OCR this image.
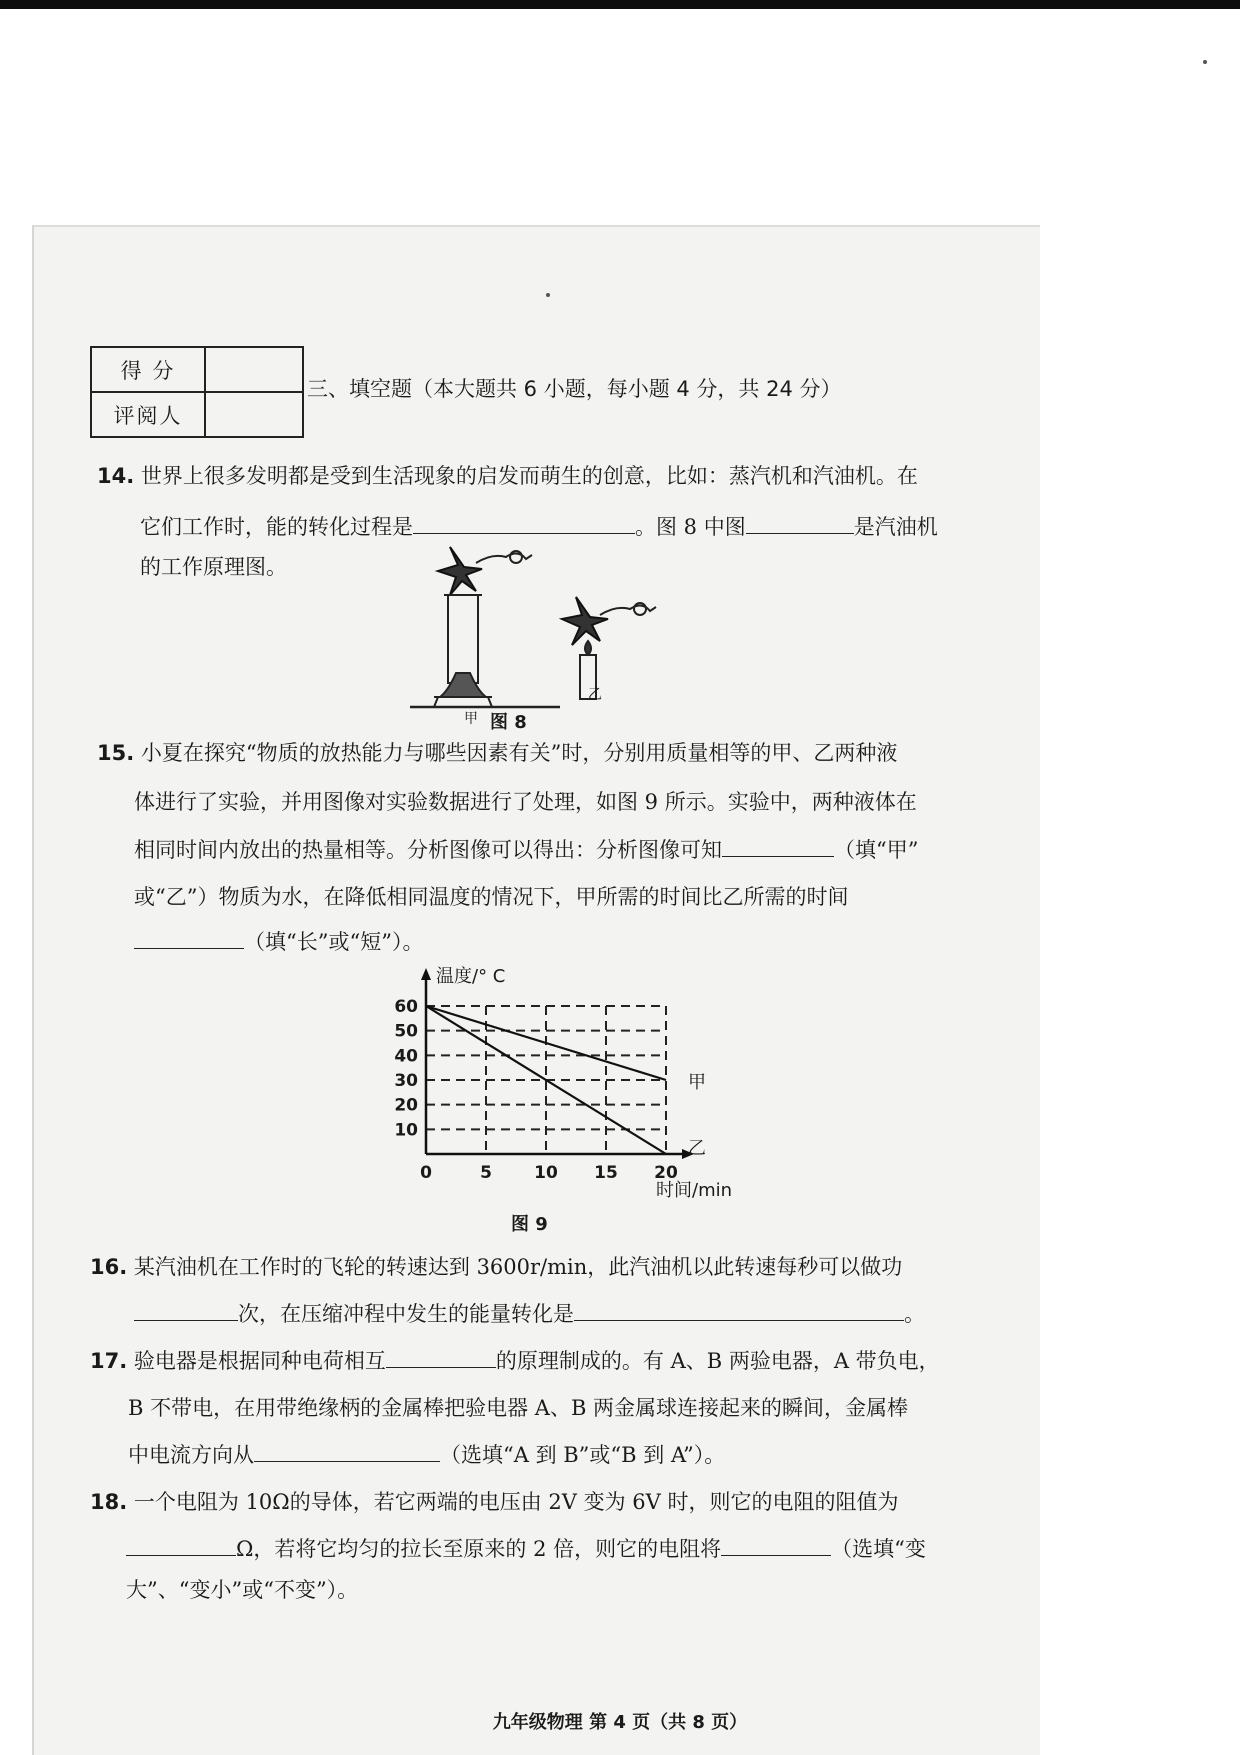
得 分	
评阅人	
三、填空题（本大题共 6 小题，每小题 4 分，共 24 分）
14. 世界上很多发明都是受到生活现象的启发而萌生的创意，比如：蒸汽机和汽油机。在
它们工作时，能的转化过程是	。图 8 中图	是汽油机
的工作原理图。
甲
乙
图 8
15. 小夏在探究“物质的放热能力与哪些因素有关”时，分别用质量相等的甲、乙两种液
体进行了实验，并用图像对实验数据进行了处理，如图 9 所示。实验中，两种液体在
相同时间内放出的热量相等。分析图像可以得出：分析图像可知	（填“甲”
或“乙”）物质为水，在降低相同温度的情况下，甲所需的时间比乙所需的时间
（填“长”或“短”）。
甲
乙
10
20
30
40
50
60
0	5 10 15 20
温度/° C
时间/min
图 9
16. 某汽油机在工作时的飞轮的转速达到 3600r/min，此汽油机以此转速每秒可以做功
次，在压缩冲程中发生的能量转化是	。
17. 验电器是根据同种电荷相互	的原理制成的。有 A、B 两验电器，A 带负电，
B 不带电，在用带绝缘柄的金属棒把验电器 A、B 两金属球连接起来的瞬间，金属棒
中电流方向从	（选填“A 到 B”或“B 到 A”）。
18. 一个电阻为 10Ω的导体，若它两端的电压由 2V 变为 6V 时，则它的电阻的阻值为
Ω，若将它均匀的拉长至原来的 2 倍，则它的电阻将	（选填“变
大”、“变小”或“不变”）。
九年级物理 第 4 页（共 8 页）
